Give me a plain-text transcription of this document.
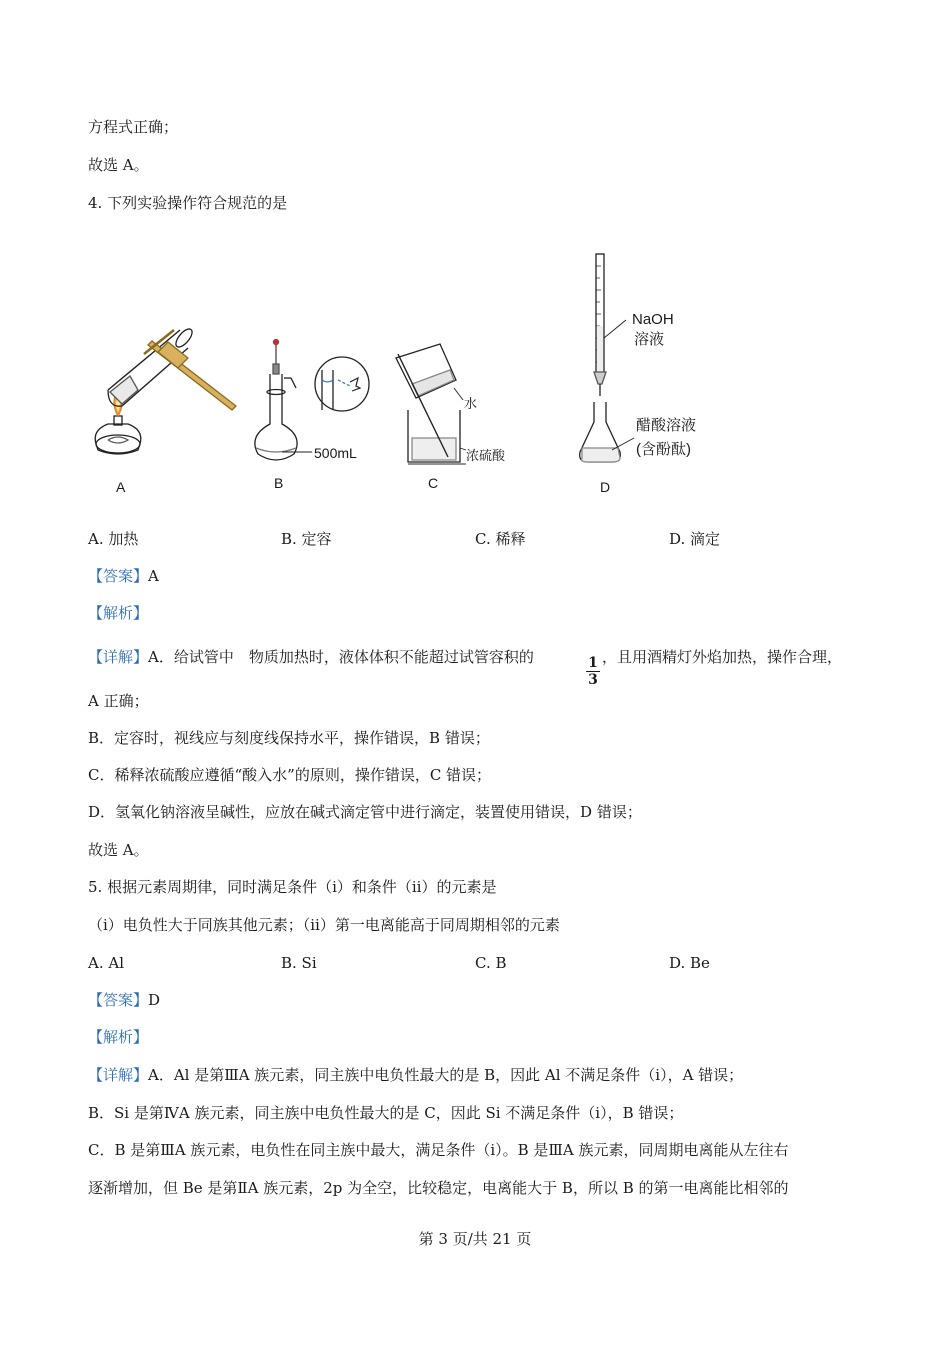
方程式正确；
故选 A。
4. 下列实验操作符合规范的是
500mL
水
浓硫酸
NaOH
溶液
醋酸溶液
(含酚酞)
A	B	C	D
A. 加热	B. 定容	C. 稀释	D. 滴定
【答案】A
【解析】
【详解】A．给试管中　物质加热时，液体体积不能超过试管容积的	1
3
，且用酒精灯外焰加热，操作合理，
A 正确；
B．定容时，视线应与刻度线保持水平，操作错误，B 错误；
C．稀释浓硫酸应遵循“酸入水”的原则，操作错误，C 错误；
D．氢氧化钠溶液呈碱性，应放在碱式滴定管中进行滴定，装置使用错误，D 错误；
故选 A。
5. 根据元素周期律，同时满足条件（ⅰ）和条件（ⅱ）的元素是
（ⅰ）电负性大于同族其他元素；（ⅱ）第一电离能高于同周期相邻的元素
A. Al	B. Si	C. B	D. Be
【答案】D
【解析】
【详解】A．Al 是第ⅢA 族元素，同主族中电负性最大的是 B，因此 Al 不满足条件（i），A 错误；
B．Si 是第ⅣA 族元素，同主族中电负性最大的是 C，因此 Si 不满足条件（i），B 错误；
C．B 是第ⅢA 族元素，电负性在同主族中最大，满足条件（i）。B 是ⅢA 族元素，同周期电离能从左往右
逐渐增加，但 Be 是第ⅡA 族元素，2p 为全空，比较稳定，电离能大于 B，所以 B 的第一电离能比相邻的
第 3 页/共 21 页
